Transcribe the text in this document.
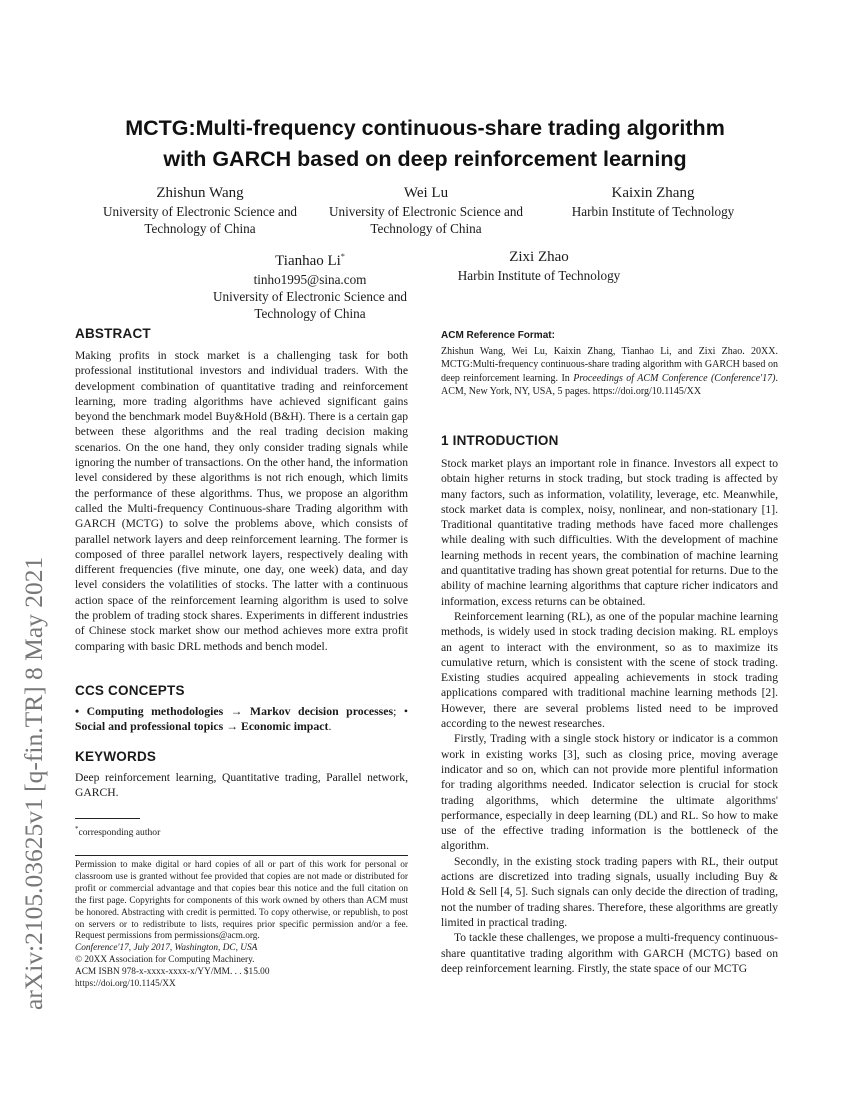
arXiv:2105.03625v1 [q-fin.TR] 8 May 2021
MCTG:Multi-frequency continuous-share trading algorithm
with GARCH based on deep reinforcement learning
Zhishun Wang
University of Electronic Science and
Technology of China
Wei Lu
University of Electronic Science and
Technology of China
Kaixin Zhang
Harbin Institute of Technology
Tianhao Li*
tinho1995@sina.com
University of Electronic Science and
Technology of China
Zixi Zhao
Harbin Institute of Technology
ABSTRACT

Making profits in stock market is a challenging task for both professional institutional investors and individual traders. With the development combination of quantitative trading and reinforcement learning, more trading algorithms have achieved significant gains beyond the benchmark model Buy&Hold (B&H). There is a certain gap between these algorithms and the real trading decision making scenarios. On the one hand, they only consider trading signals while ignoring the number of transactions. On the other hand, the information level considered by these algorithms is not rich enough, which limits the performance of these algorithms. Thus, we propose an algorithm called the Multi-frequency Continuous-share Trading algorithm with GARCH (MCTG) to solve the problems above, which consists of parallel network layers and deep reinforcement learning. The former is composed of three parallel network layers, respectively dealing with different frequencies (five minute, one day, one week) data, and day level considers the volatilities of stocks. The latter with a continuous action space of the reinforcement learning algorithm is used to solve the problem of trading stock shares. Experiments in different industries of Chinese stock market show our method achieves more extra profit comparing with basic DRL methods and bench model.

CCS CONCEPTS

• Computing methodologies → Markov decision processes; • Social and professional topics → Economic impact.

KEYWORDS

Deep reinforcement learning, Quantitative trading, Parallel network, GARCH.

*corresponding author

Permission to make digital or hard copies of all or part of this work for personal or classroom use is granted without fee provided that copies are not made or distributed for profit or commercial advantage and that copies bear this notice and the full citation on the first page. Copyrights for components of this work owned by others than ACM must be honored. Abstracting with credit is permitted. To copy otherwise, or republish, to post on servers or to redistribute to lists, requires prior specific permission and/or a fee. Request permissions from permissions@acm.org.

Conference'17, July 2017, Washington, DC, USA

© 20XX Association for Computing Machinery.

ACM ISBN 978-x-xxxx-xxxx-x/YY/MM. . . $15.00

https://doi.org/10.1145/XX

ACM Reference Format:

Zhishun Wang, Wei Lu, Kaixin Zhang, Tianhao Li, and Zixi Zhao. 20XX. MCTG:Multi-frequency continuous-share trading algorithm with GARCH based on deep reinforcement learning. In Proceedings of ACM Conference (Conference'17). ACM, New York, NY, USA, 5 pages. https://doi.org/10.1145/XX

1 INTRODUCTION

Stock market plays an important role in finance. Investors all expect to obtain higher returns in stock trading, but stock trading is affected by many factors, such as information, volatility, leverage, etc. Meanwhile, stock market data is complex, noisy, nonlinear, and non-stationary [1]. Traditional quantitative trading methods have faced more challenges while dealing with such difficulties. With the development of machine learning methods in recent years, the combination of machine learning and quantitative trading has shown great potential for returns. Due to the ability of machine learning algorithms that capture richer indicators and information, excess returns can be obtained.

Reinforcement learning (RL), as one of the popular machine learning methods, is widely used in stock trading decision making. RL employs an agent to interact with the environment, so as to maximize its cumulative return, which is consistent with the scene of stock trading. Existing studies acquired appealing achievements in stock trading applications compared with traditional machine learning methods [2]. However, there are several problems listed need to be improved according to the newest researches.

Firstly, Trading with a single stock history or indicator is a common work in existing works [3], such as closing price, moving average indicator and so on, which can not provide more plentiful information for trading algorithms needed. Indicator selection is crucial for stock trading algorithms, which determine the ultimate algorithms' performance, especially in deep learning (DL) and RL. So how to make use of the effective trading information is the bottleneck of the algorithm.

Secondly, in the existing stock trading papers with RL, their output actions are discretized into trading signals, usually including Buy & Hold & Sell [4, 5]. Such signals can only decide the direction of trading, not the number of trading shares. Therefore, these algorithms are greatly limited in practical trading.

To tackle these challenges, we propose a multi-frequency continuous-share quantitative trading algorithm with GARCH (MCTG) based on deep reinforcement learning. Firstly, the state space of our MCTG
